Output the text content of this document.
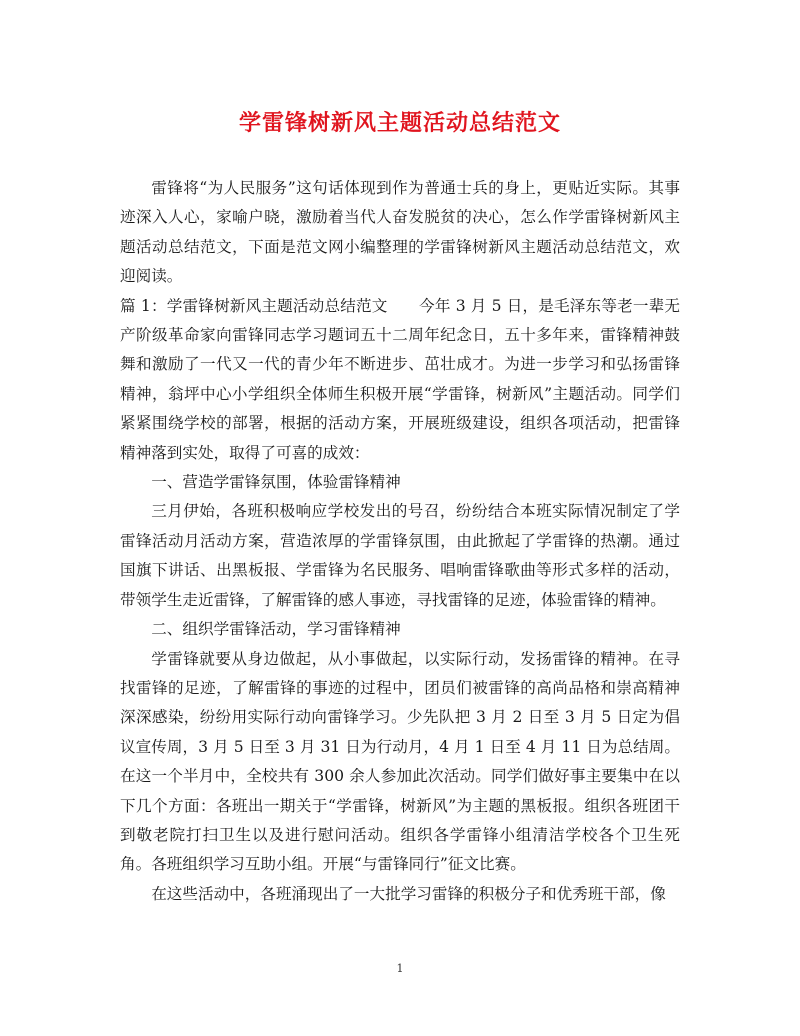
学雷锋树新风主题活动总结范文

雷锋将“为人民服务”这句话体现到作为普通士兵的身上，更贴近实际。其事迹深入人心，家喻户晓，激励着当代人奋发脱贫的决心，怎么作学雷锋树新风主题活动总结范文，下面是范文网小编整理的学雷锋树新风主题活动总结范文，欢迎阅读。

篇 1：学雷锋树新风主题活动总结范文　　今年 3 月 5 日，是毛泽东等老一辈无产阶级革命家向雷锋同志学习题词五十二周年纪念日，五十多年来，雷锋精神鼓舞和激励了一代又一代的青少年不断进步、茁壮成才。为进一步学习和弘扬雷锋精神，翁坪中心小学组织全体师生积极开展“学雷锋，树新风”主题活动。同学们紧紧围绕学校的部署，根据的活动方案，开展班级建设，组织各项活动，把雷锋精神落到实处，取得了可喜的成效：

一、营造学雷锋氛围，体验雷锋精神

三月伊始，各班积极响应学校发出的号召，纷纷结合本班实际情况制定了学雷锋活动月活动方案，营造浓厚的学雷锋氛围，由此掀起了学雷锋的热潮。通过国旗下讲话、出黑板报、学雷锋为名民服务、唱响雷锋歌曲等形式多样的活动，带领学生走近雷锋，了解雷锋的感人事迹，寻找雷锋的足迹，体验雷锋的精神。

二、组织学雷锋活动，学习雷锋精神

学雷锋就要从身边做起，从小事做起，以实际行动，发扬雷锋的精神。在寻找雷锋的足迹，了解雷锋的事迹的过程中，团员们被雷锋的高尚品格和崇高精神深深感染，纷纷用实际行动向雷锋学习。少先队把 3 月 2 日至 3 月 5 日定为倡议宣传周，3 月 5 日至 3 月 31 日为行动月，4 月 1 日至 4 月 11 日为总结周。在这一个半月中，全校共有 300 余人参加此次活动。同学们做好事主要集中在以下几个方面：各班出一期关于“学雷锋，树新风”为主题的黑板报。组织各班团干到敬老院打扫卫生以及进行慰问活动。组织各学雷锋小组清洁学校各个卫生死角。各班组织学习互助小组。开展“与雷锋同行”征文比赛。

在这些活动中，各班涌现出了一大批学习雷锋的积极分子和优秀班干部，像

1
